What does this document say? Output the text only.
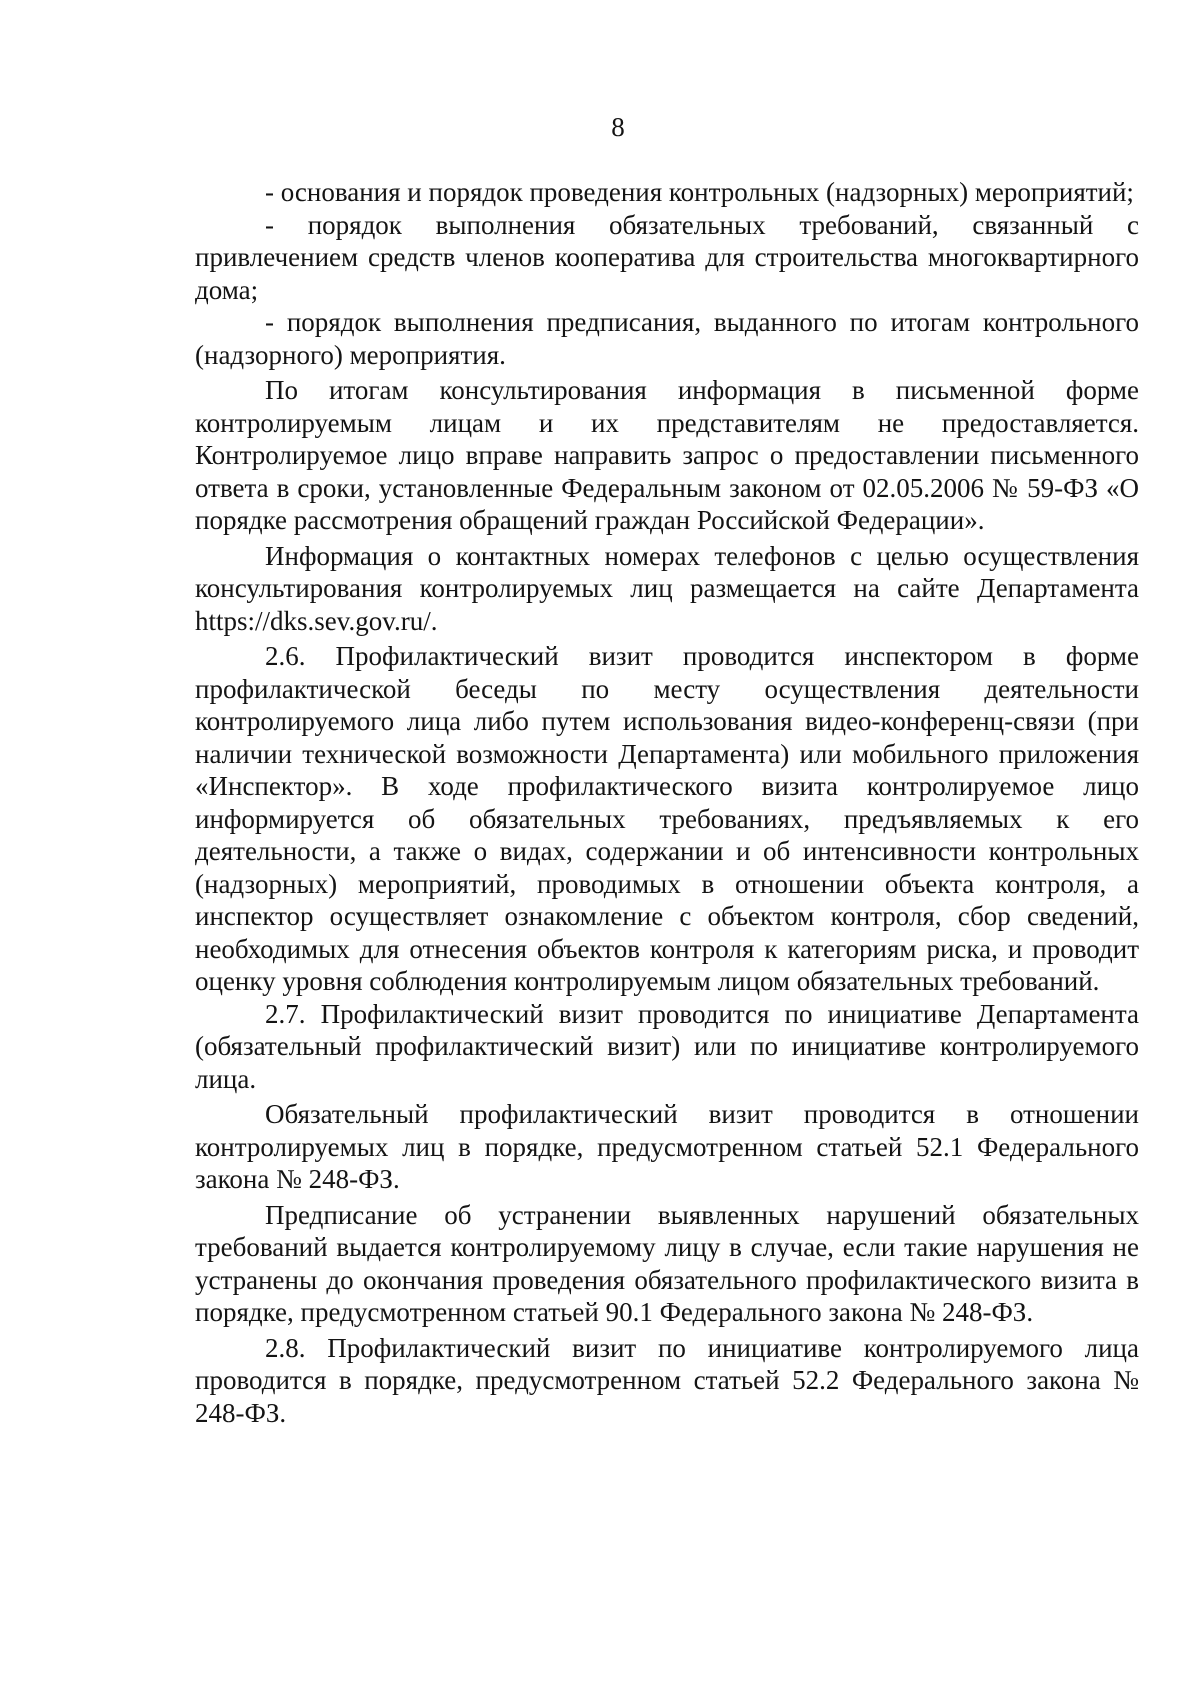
8

- основания и порядок проведения контрольных (надзорных) мероприятий;

- порядок выполнения обязательных требований, связанный с привлечением средств членов кооператива для строительства многоквартирного дома;

- порядок выполнения предписания, выданного по итогам контрольного (надзорного) мероприятия.

По итогам консультирования информация в письменной форме контролируемым лицам и их представителям не предоставляется. Контролируемое лицо вправе направить запрос о предоставлении письменного ответа в сроки, установленные Федеральным законом от 02.05.2006 № 59-ФЗ «О порядке рассмотрения обращений граждан Российской Федерации».

Информация о контактных номерах телефонов с целью осуществления консультирования контролируемых лиц размещается на сайте Департамента https://dks.sev.gov.ru/.

2.6. Профилактический визит проводится инспектором в форме профилактической беседы по месту осуществления деятельности контролируемого лица либо путем использования видео-конференц-связи (при наличии технической возможности Департамента) или мобильного приложения «Инспектор». В ходе профилактического визита контролируемое лицо информируется об обязательных требованиях, предъявляемых к его деятельности, а также о видах, содержании и об интенсивности контрольных (надзорных) мероприятий, проводимых в отношении объекта контроля, а инспектор осуществляет ознакомление с объектом контроля, сбор сведений, необходимых для отнесения объектов контроля к категориям риска, и проводит оценку уровня соблюдения контролируемым лицом обязательных требований.

2.7. Профилактический визит проводится по инициативе Департамента (обязательный профилактический визит) или по инициативе контролируемого лица.

Обязательный профилактический визит проводится в отношении контролируемых лиц в порядке, предусмотренном статьей 52.1 Федерального закона № 248-ФЗ.

Предписание об устранении выявленных нарушений обязательных требований выдается контролируемому лицу в случае, если такие нарушения не устранены до окончания проведения обязательного профилактического визита в порядке, предусмотренном статьей 90.1 Федерального закона № 248-ФЗ.

2.8. Профилактический визит по инициативе контролируемого лица проводится в порядке, предусмотренном статьей 52.2 Федерального закона № 248-ФЗ.
